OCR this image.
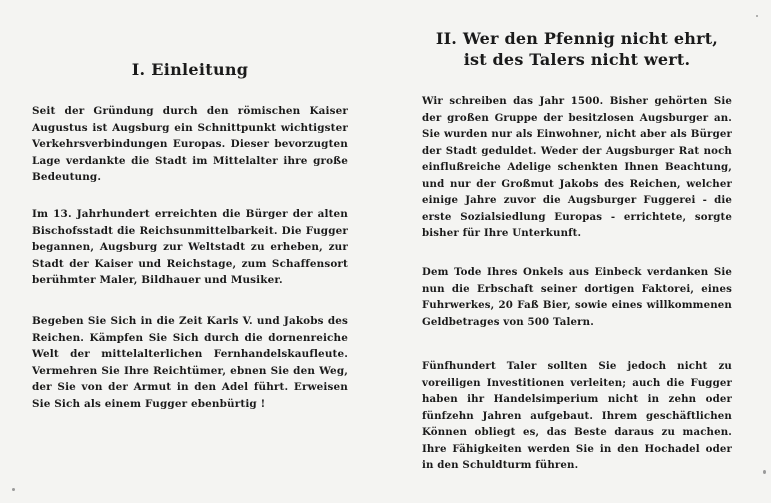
I. Einleitung

Seit der Gründung durch den römischen Kaiser Augustus ist Augsburg ein Schnittpunkt wichtigster Verkehrsverbindungen Europas. Dieser bevorzugten Lage verdankte die Stadt im Mittelalter ihre große Bedeutung.

Im 13. Jahrhundert erreichten die Bürger der alten Bischofsstadt die Reichsunmittelbarkeit. Die Fugger begannen, Augsburg zur Weltstadt zu erheben, zur Stadt der Kaiser und Reichstage, zum Schaffensort berühmter Maler, Bildhauer und Musiker.

Begeben Sie Sich in die Zeit Karls V. und Jakobs des Reichen. Kämpfen Sie Sich durch die dornenreiche Welt der mittelalterlichen Fernhandelskaufleute. Vermehren Sie Ihre Reichtümer, ebnen Sie den Weg, der Sie von der Armut in den Adel führt. Erweisen Sie Sich als einem Fugger ebenbürtig !

II. Wer den Pfennig nicht ehrt,
ist des Talers nicht wert.

Wir schreiben das Jahr 1500. Bisher gehörten Sie der großen Gruppe der besitzlosen Augsburger an. Sie wurden nur als Einwohner, nicht aber als Bürger der Stadt geduldet. Weder der Augsburger Rat noch einflußreiche Adelige schenkten Ihnen Beachtung, und nur der Großmut Jakobs des Reichen, welcher einige Jahre zuvor die Augsburger Fuggerei - die erste Sozialsiedlung Europas - errichtete, sorgte bisher für Ihre Unterkunft.

Dem Tode Ihres Onkels aus Einbeck verdanken Sie nun die Erbschaft seiner dortigen Faktorei, eines Fuhrwerkes, 20 Faß Bier, sowie eines willkommenen Geldbetrages von 500 Talern.

Fünfhundert Taler sollten Sie jedoch nicht zu voreiligen Investitionen verleiten; auch die Fugger haben ihr Handelsimperium nicht in zehn oder fünfzehn Jahren aufgebaut. Ihrem geschäftlichen Können obliegt es, das Beste daraus zu machen. Ihre Fähigkeiten werden Sie in den Hochadel oder in den Schuldturm führen.
